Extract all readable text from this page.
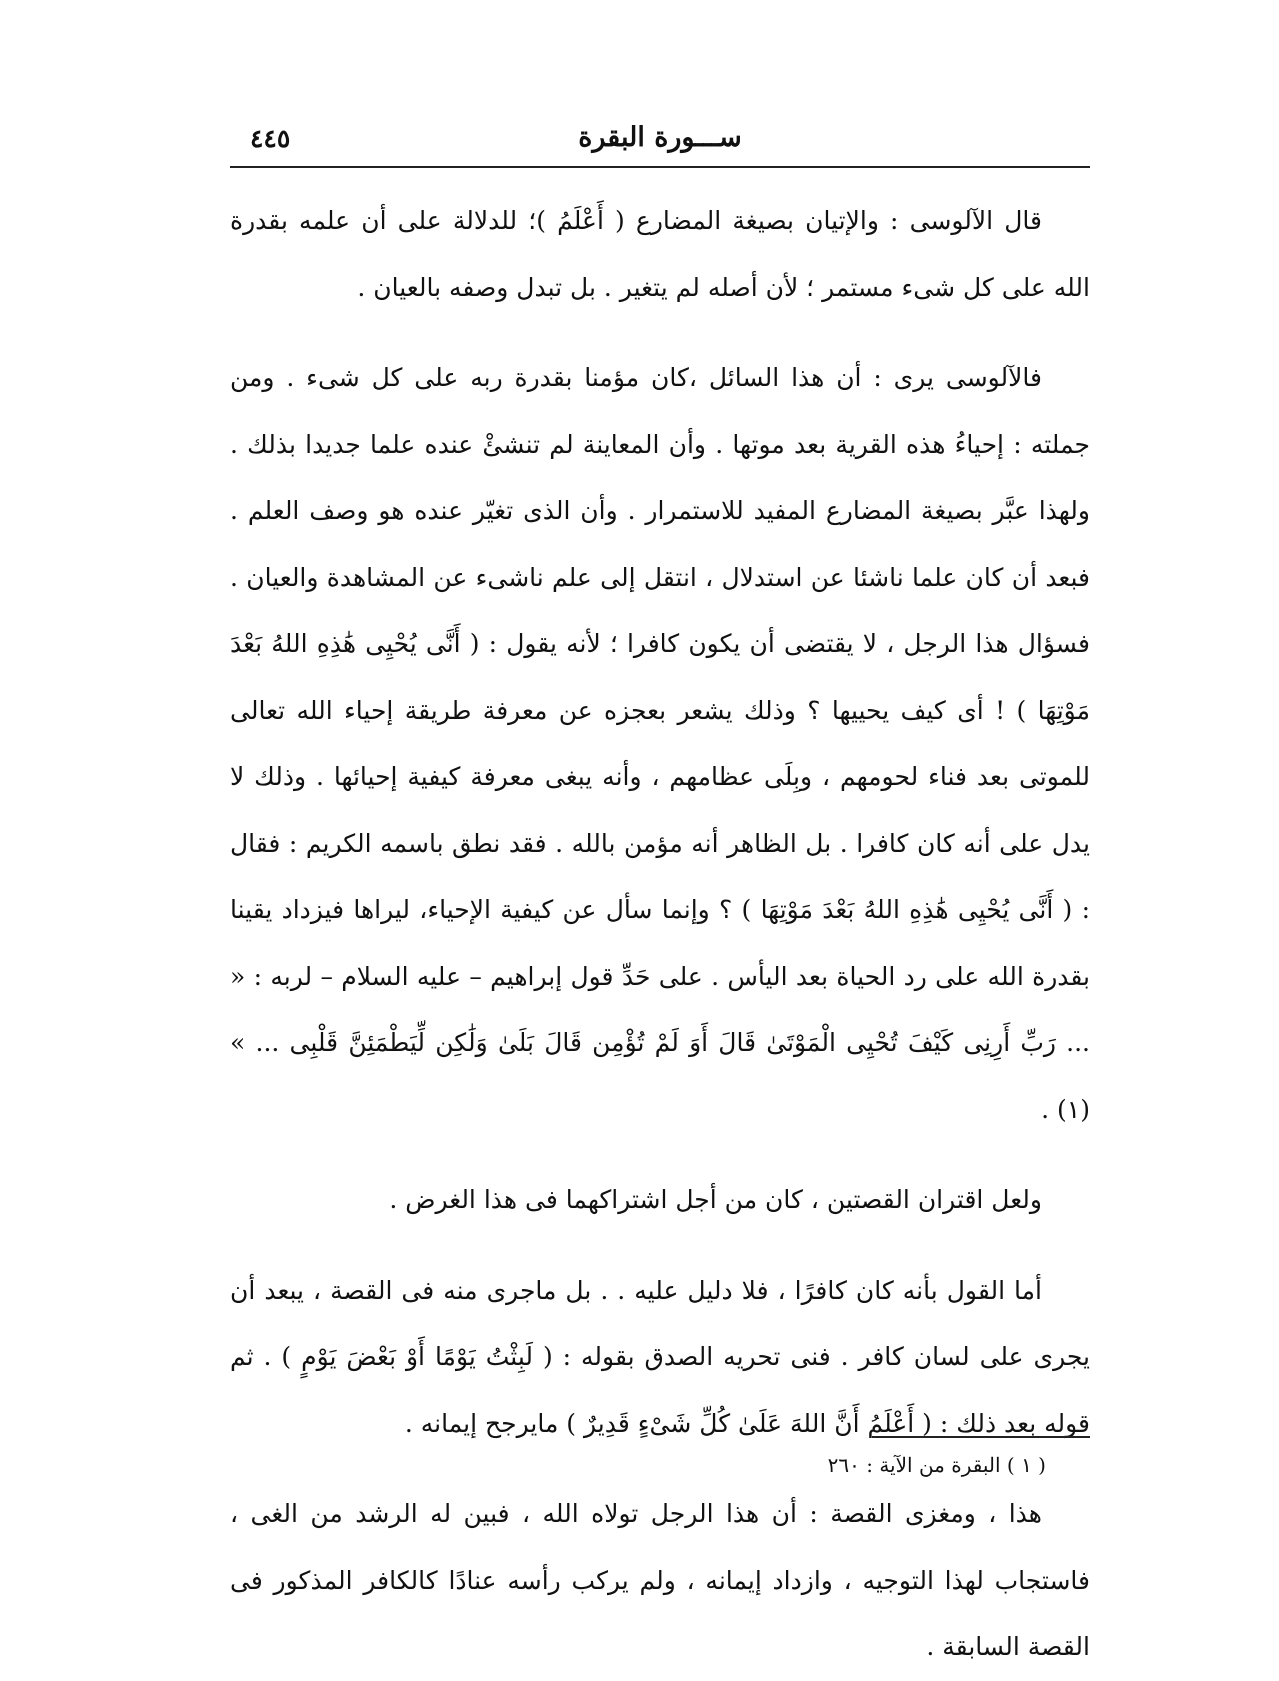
٤٤٥	ســـورة البقرة

قال الآلوسى : والإتيان بصيغة المضارع ( أَعْلَمُ )؛ للدلالة على أن علمه بقدرة الله على كل شىء مستمر ؛ لأن أصله لم يتغير . بل تبدل وصفه بالعيان .

فالآلوسى يرى : أن هذا السائل ،كان مؤمنا بقدرة ربه على كل شىء . ومن جملته : إحياءُ هذه القرية بعد موتها . وأن المعاينة لم تنشئْ عنده علما جديدا بذلك . ولهذا عبَّر بصيغة المضارع المفيد للاستمرار . وأن الذى تغيّر عنده هو وصف العلم . فبعد أن كان علما ناشئا عن استدلال ، انتقل إلى علم ناشىء عن المشاهدة والعيان . فسؤال هذا الرجل ، لا يقتضى أن يكون كافرا ؛ لأنه يقول : ( أَنَّى يُحْيِى هَٰذِهِ اللهُ بَعْدَ مَوْتِهَا ) ! أى كيف يحييها ؟ وذلك يشعر بعجزه عن معرفة طريقة إحياء الله تعالى للموتى بعد فناء لحومهم ، وبِلَى عظامهم ، وأنه يبغى معرفة كيفية إحيائها . وذلك لا يدل على أنه كان كافرا . بل الظاهر أنه مؤمن بالله . فقد نطق باسمه الكريم : فقال : ( أَنَّى يُحْيِى هَٰذِهِ اللهُ بَعْدَ مَوْتِهَا ) ؟ وإنما سأل عن كيفية الإحياء، ليراها فيزداد يقينا بقدرة الله على رد الحياة بعد اليأس . على حَدِّ قول إبراهيم – عليه السلام – لربه : « ... رَبِّ أَرِنِى كَيْفَ تُحْيِى الْمَوْتَىٰ قَالَ أَوَ لَمْ تُؤْمِن قَالَ بَلَىٰ وَلَٰكِن لِّيَطْمَئِنَّ قَلْبِى ... » (١) .

ولعل اقتران القصتين ، كان من أجل اشتراكهما فى هذا الغرض .

أما القول بأنه كان كافرًا ، فلا دليل عليه . . بل ماجرى منه فى القصة ، يبعد أن يجرى على لسان كافر . فنى تحريه الصدق بقوله : ( لَبِثْتُ يَوْمًا أَوْ بَعْضَ يَوْمٍ ) . ثم قوله بعد ذلك : ( أَعْلَمُ أَنَّ اللهَ عَلَىٰ كُلِّ شَىْءٍ قَدِيرٌ ) مايرجح إيمانه .

هذا ، ومغزى القصة : أن هذا الرجل تولاه الله ، فبين له الرشد من الغى ، فاستجاب لهذا التوجيه ، وازداد إيمانه ، ولم يركب رأسه عنادًا كالكافر المذكور فى القصة السابقة .

( ١ ) البقرة من الآية : ٢٦٠
